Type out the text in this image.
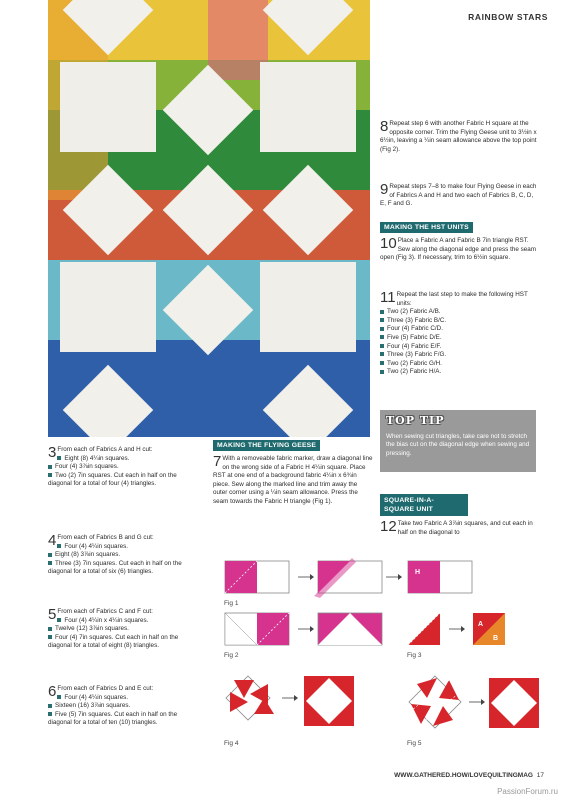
RAINBOW STARS
8 Repeat step 6 with another Fabric H square at the opposite corner. Trim the Flying Geese unit to 3½in x 6½in, leaving a ¼in seam allowance above the top point (Fig 2).

9 Repeat steps 7–8 to make four Flying Geese in each of Fabrics A and H and two each of Fabrics B, C, D, E, F and G.

MAKING THE HST UNITS
10 Place a Fabric A and Fabric B 7in triangle RST. Sew along the diagonal edge and press the seam open (Fig 3). If necessary, trim to 6½in square.

11 Repeat the last step to make the following HST units:

Two (2) Fabric A/B.
Three (3) Fabric B/C.
Four (4) Fabric C/D.
Five (5) Fabric D/E.
Four (4) Fabric E/F.
Three (3) Fabric F/G.
Two (2) Fabric G/H.
Two (2) Fabric H/A.
TOP TIP
When sewing cut triangles, take care not to stretch the bias cut on the diagonal edge when sewing and pressing.
3 From each of Fabrics A and H cut:

Eight (8) 4¼in squares.
Four (4) 3⅞in squares.
Two (2) 7in squares. Cut each in half on the diagonal for a total of four (4) triangles.
4 From each of Fabrics B and G cut:

Four (4) 4¼in squares.
Eight (8) 3⅞in squares.
Three (3) 7in squares. Cut each in half on the diagonal for a total of six (6) triangles.
5 From each of Fabrics C and F cut:

Four (4) 4¼in x 4¼in squares.
Twelve (12) 3⅞in squares.
Four (4) 7in squares. Cut each in half on the diagonal for a total of eight (8) triangles.
6 From each of Fabrics D and E cut:

Four (4) 4¼in squares.
Sixteen (16) 3⅞in squares.
Five (5) 7in squares. Cut each in half on the diagonal for a total of ten (10) triangles.
MAKING THE FLYING GEESE
7 With a removeable fabric marker, draw a diagonal line on the wrong side of a Fabric H 4¼in square. Place RST at one end of a background fabric 4¼in x 6¾in piece. Sew along the marked line and trim away the outer corner using a ¼in seam allowance. Press the seam towards the Fabric H triangle (Fig 1).	SQUARE-IN-A-SQUARE UNIT
12 Take two Fabric A 3⅞in squares, and cut each in half on the diagonal to

H
Fig 1
Fig 2
A
B
Fig 3
Fig 4	Fig 5
WWW.GATHERED.HOW/LOVEQUILTINGMAG 17
PassionForum.ru
